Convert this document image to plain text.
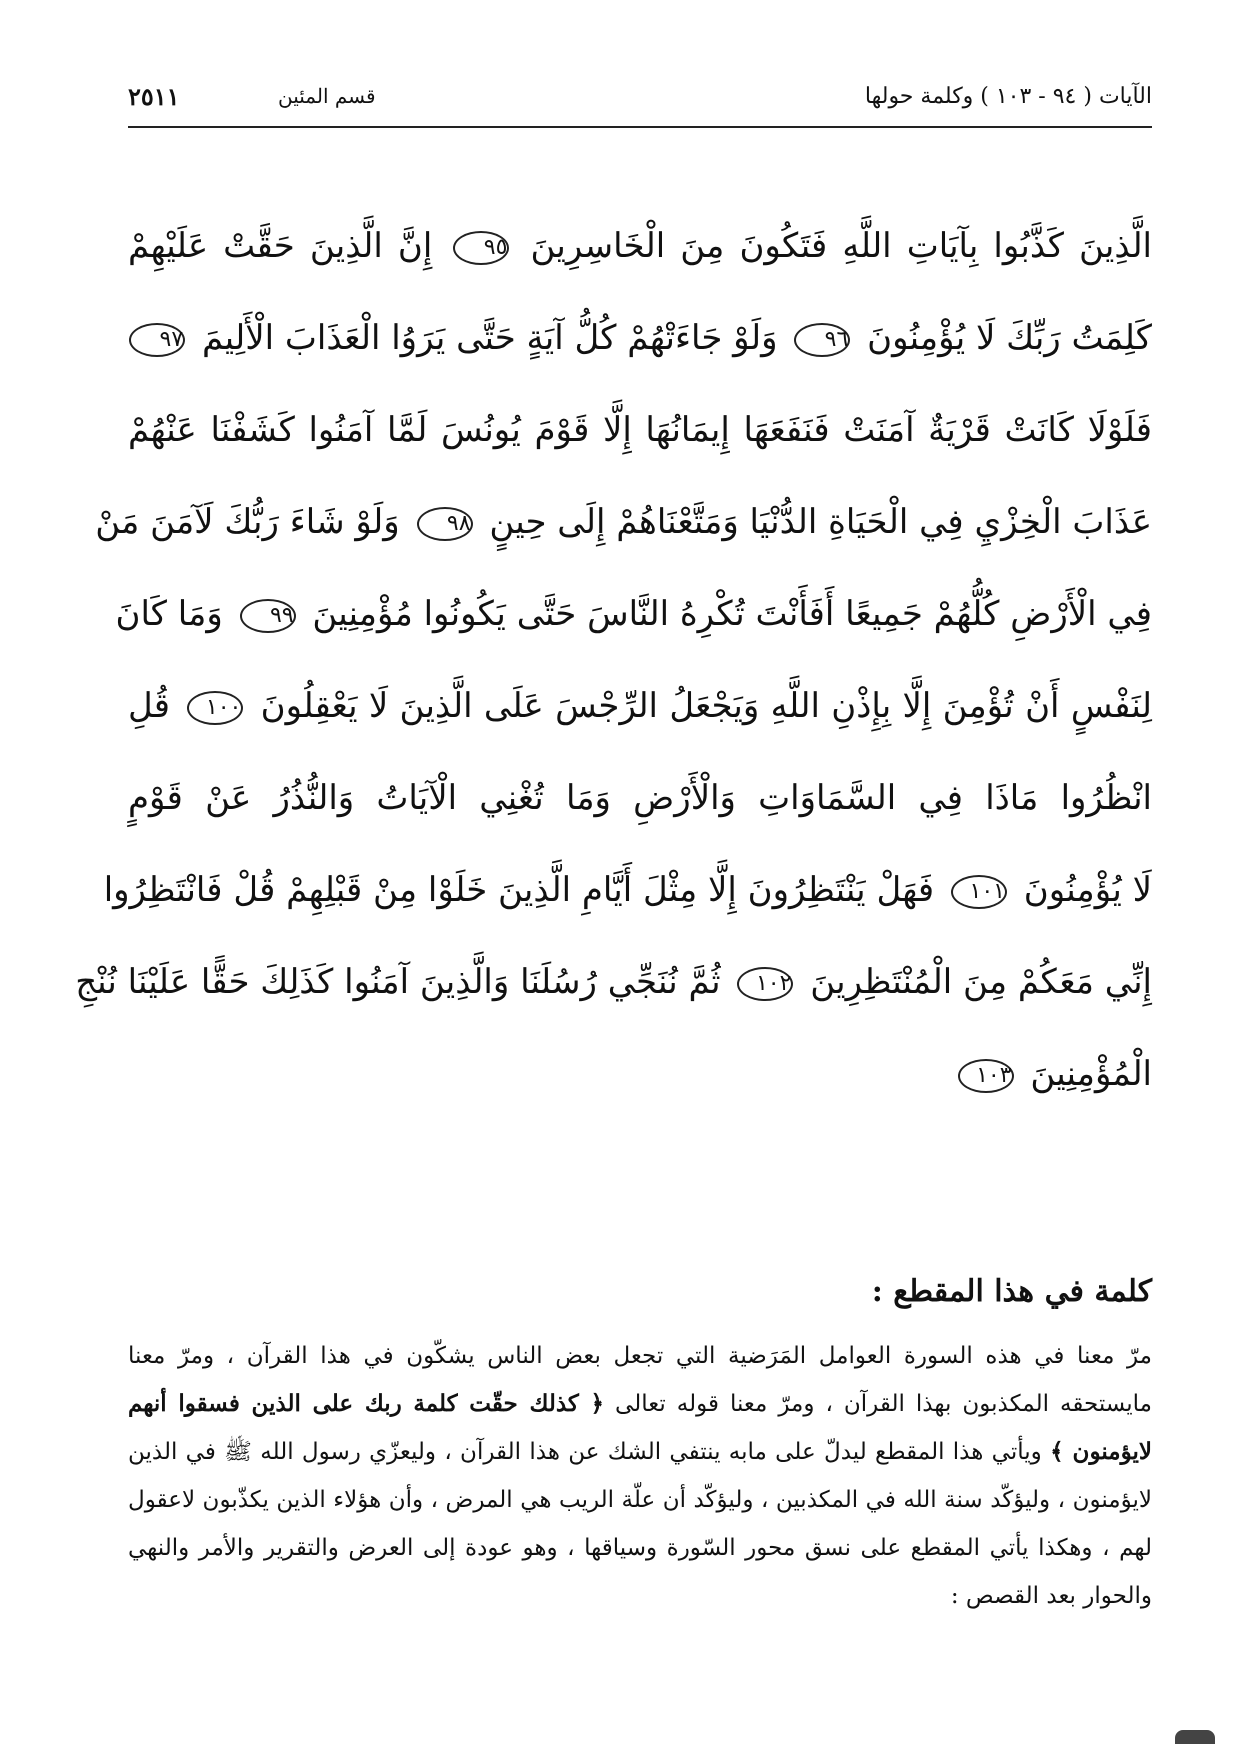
الآيات ( ٩٤ - ١٠٣ ) وكلمة حولها
قسم المئين
٢٥١١
الَّذِينَ كَذَّبُوا بِآيَاتِ اللَّهِ فَتَكُونَ مِنَ الْخَاسِرِينَ ٩٥ إِنَّ الَّذِينَ حَقَّتْ عَلَيْهِمْ
كَلِمَتُ رَبِّكَ لَا يُؤْمِنُونَ ٩٦ وَلَوْ جَاءَتْهُمْ كُلُّ آيَةٍ حَتَّى يَرَوُا الْعَذَابَ الْأَلِيمَ ٩٧
فَلَوْلَا كَانَتْ قَرْيَةٌ آمَنَتْ فَنَفَعَهَا إِيمَانُهَا إِلَّا قَوْمَ يُونُسَ لَمَّا آمَنُوا كَشَفْنَا عَنْهُمْ
عَذَابَ الْخِزْيِ فِي الْحَيَاةِ الدُّنْيَا وَمَتَّعْنَاهُمْ إِلَى حِينٍ ٩٨ وَلَوْ شَاءَ رَبُّكَ لَآمَنَ مَنْ
فِي الْأَرْضِ كُلُّهُمْ جَمِيعًا أَفَأَنْتَ تُكْرِهُ النَّاسَ حَتَّى يَكُونُوا مُؤْمِنِينَ ٩٩ وَمَا كَانَ
لِنَفْسٍ أَنْ تُؤْمِنَ إِلَّا بِإِذْنِ اللَّهِ وَيَجْعَلُ الرِّجْسَ عَلَى الَّذِينَ لَا يَعْقِلُونَ ١٠٠ قُلِ
انْظُرُوا مَاذَا فِي السَّمَاوَاتِ وَالْأَرْضِ وَمَا تُغْنِي الْآيَاتُ وَالنُّذُرُ عَنْ قَوْمٍ
لَا يُؤْمِنُونَ ١٠١ فَهَلْ يَنْتَظِرُونَ إِلَّا مِثْلَ أَيَّامِ الَّذِينَ خَلَوْا مِنْ قَبْلِهِمْ قُلْ فَانْتَظِرُوا
إِنِّي مَعَكُمْ مِنَ الْمُنْتَظِرِينَ ١٠٢ ثُمَّ نُنَجِّي رُسُلَنَا وَالَّذِينَ آمَنُوا كَذَلِكَ حَقًّا عَلَيْنَا نُنْجِ
الْمُؤْمِنِينَ ١٠٣
كلمة في هذا المقطع :

مرّ معنا في هذه السورة العوامل المَرَضية التي تجعل بعض الناس يشكّون في هذا القرآن ، ومرّ معنا مايستحقه المكذبون بهذا القرآن ، ومرّ معنا قوله تعالى ﴿ كذلك حقّت كلمة ربك على الذين فسقوا أنهم لايؤمنون ﴾ ويأتي هذا المقطع ليدلّ على مابه ينتفي الشك عن هذا القرآن ، وليعزّي رسول الله ﷺ في الذين لايؤمنون ، وليؤكّد سنة الله في المكذبين ، وليؤكّد أن علّة الريب هي المرض ، وأن هؤلاء الذين يكذّبون لاعقول لهم ، وهكذا يأتي المقطع على نسق محور السّورة وسياقها ، وهو عودة إلى العرض والتقرير والأمر والنهي والحوار بعد القصص :
